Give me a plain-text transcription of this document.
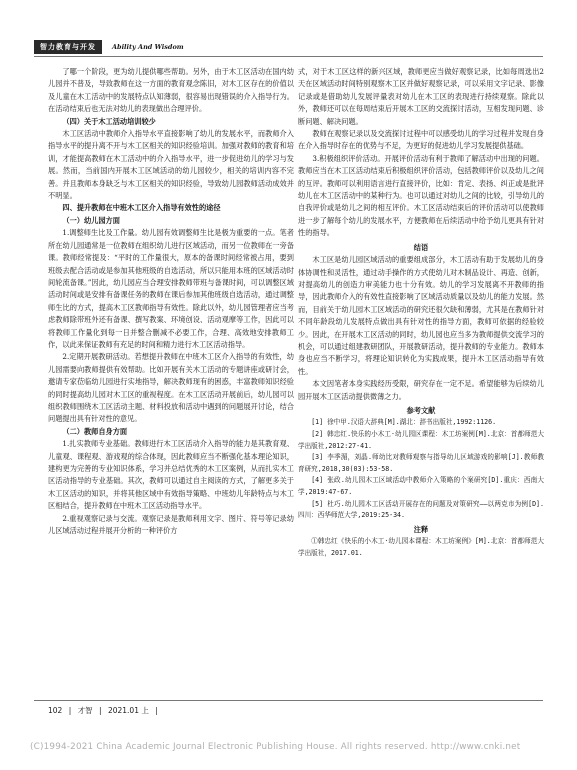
智力教育与开发	Ability And Wisdom
了哪一个阶段，更为幼儿提供哪些帮助。另外，由于木工区活动在国内幼儿园并不普及，导致教师在这一方面的教育观念陈旧，对木工区存在的价值以及儿童在木工活动中的发展特点认知薄弱，很容易出现错误的介入指导行为。在活动结束后也无法对幼儿的表现做出合理评价。
（四）关于木工活动培训较少
木工区活动中教师介入指导水平直接影响了幼儿的发展水平，而教师介入指导水平的提升离不开与木工区相关的知识经验培训。加强对教师的教育和培训，才能提高教师在木工活动中的介入指导水平，进一步促进幼儿的学习与发展。然而，当前国内开展木工区域活动的幼儿园较少，相关的培训内容不完善。并且教师本身缺乏与木工区相关的知识经验，导致幼儿园教师活动成效并不明显。
四、提升教师在中班木工区介入指导有效性的途径
（一）幼儿园方面
1.调整师生比及工作量。幼儿园有效调整师生比是极为重要的一点。笔者所在幼儿园通常是一位教师在组织幼儿进行区域活动，而另一位教师在一旁备课。教师经常提及：“平时的工作量很大，原本的备课时间经常被占用，要到班级去配合活动或是参加其他班级的自选活动，所以只能用本班的区域活动时间轮流备课。”因此，幼儿园应当合理安排教师带班与备课时间，可以调整区域活动时间或是安排有备课任务的教师在课后参加其他班级自选活动，通过调整师生比的方式，提高木工区教师指导有效性。除此以外，幼儿园管理者应当考虑教师除带班外还有备课、撰写教案、环境创设、活动观摩等工作，因此可以将教师工作量化到每一日并整合删减不必要工作，合理、高效地安排教师工作，以此来保证教师有充足的时间和精力进行木工区活动指导。
2.定期开展教研活动。若想提升教师在中班木工区介入指导的有效性，幼儿园需要向教师提供有效帮助。比如开展有关木工活动的专题讲座或研讨会，邀请专家莅临幼儿园进行实地指导，解决教师现有的困惑，丰富教师知识经验的同时提高幼儿园对木工区的重视程度。在木工区活动开展前后，幼儿园可以组织教师围绕木工区活动主题、材料投放和活动中遇到的问题展开讨论，结合问题提出具有针对性的意见。
（二）教师自身方面
1.扎实教师专业基础。教师进行木工区活动介入指导的能力是其教育观、儿童观、课程观、游戏观的综合体现，因此教师应当不断强化基本理论知识，建构更为完善的专业知识体系，学习并总结优秀的木工区案例，从而扎实木工区活动指导的专业基础。其次，教师可以通过自主阅读的方式，了解更多关于木工区活动的知识，并将其他区域中有效指导策略、中班幼儿年龄特点与木工区相结合，提升教师在中班木工区活动指导水平。
2.重视观察记录与交流。观察记录是教师利用文字、图片、符号等记录幼儿区域活动过程并展开分析的一种评价方
式，对于木工区这样的新兴区域，教师更应当做好观察记录，比如每周选出2天在区域活动时间特别观察木工区并做好观察记录，可以采用文字记录、影像记录或是借助幼儿发展评量表对幼儿在木工区的表现进行持续观察。除此以外，教师还可以在每周结束后开展木工区的交流探讨活动，互相发现问题、诊断问题、解决问题。
教师在观察记录以及交流探讨过程中可以感受幼儿的学习过程并发现自身在介入指导时存在的优势与不足，为更好的促进幼儿学习发展提供基础。
3.积极组织评价活动。开展评价活动有利于教师了解活动中出现的问题。教师应当在木工区活动结束后积极组织评价活动，包括教师评价以及幼儿之间的互评。教师可以利用语言进行直接评价，比如：肯定、表扬、纠正或是批评幼儿在木工区活动中的某种行为。也可以通过对幼儿之间的比较，引导幼儿的自我评价或是幼儿之间的相互评价。木工区活动结束后的评价活动可以使教师进一步了解每个幼儿的发展水平，方便教师在后续活动中给予幼儿更具有针对性的指导。
结语
木工区是幼儿园区域活动的重要组成部分，木工活动有助于发展幼儿的身体协调性和灵活性，通过动手操作的方式使幼儿对木制品设计、再造、创新，对提高幼儿的创造力审美能力也十分有效。幼儿的学习发展离不开教师的指导，因此教师介入的有效性直接影响了区域活动质量以及幼儿的能力发展。然而，目前关于幼儿园木工区域活动的研究还很欠缺和薄弱，尤其是在教师针对不同年龄段幼儿发展特点做出具有针对性的指导方面，教师可依据的经验较少。因此，在开展木工区活动的同时，幼儿园也应当多为教师提供交流学习的机会，可以通过组建教研团队，开展教研活动，提升教师的专业能力。教师本身也应当不断学习，将理论知识转化为实践成果，提升木工区活动指导有效性。
本文因笔者本身实践经历受限，研究存在一定不足。希望能够为后续幼儿园开展木工区活动提供微薄之力。
参考文献
[1] 徐中甲.汉语大辞典[M].湖北：辞书出版社,1992:1126.
[2] 韩忠红.快乐的小木工·幼儿园区课程：木工坊案例[M].北京：首都师范大学出版社,2012:27-41.
[3] 李季湄，刘晶.师幼比对教师观察与指导幼儿区域游戏的影响[J].教师教育研究,2018,30(03):53-58.
[4] 张政.幼儿园木工区域活动中教师介入策略的个案研究[D].重庆：西南大学,2019:47-67.
[5] 杜巧.幼儿园木工区活动开展存在的问题及对策研究——以两克市为例[D].四川：西华师范大学,2019:25-34.
注释
①韩忠红《快乐的小木工·幼儿园本课程：木工坊案例》[M].北京：首都师范大学出版社，2017.01.
102 | 才智 | 2021.01 上 |
(C)1994-2021 China Academic Journal Electronic Publishing House. All rights reserved. http://www.cnki.net
